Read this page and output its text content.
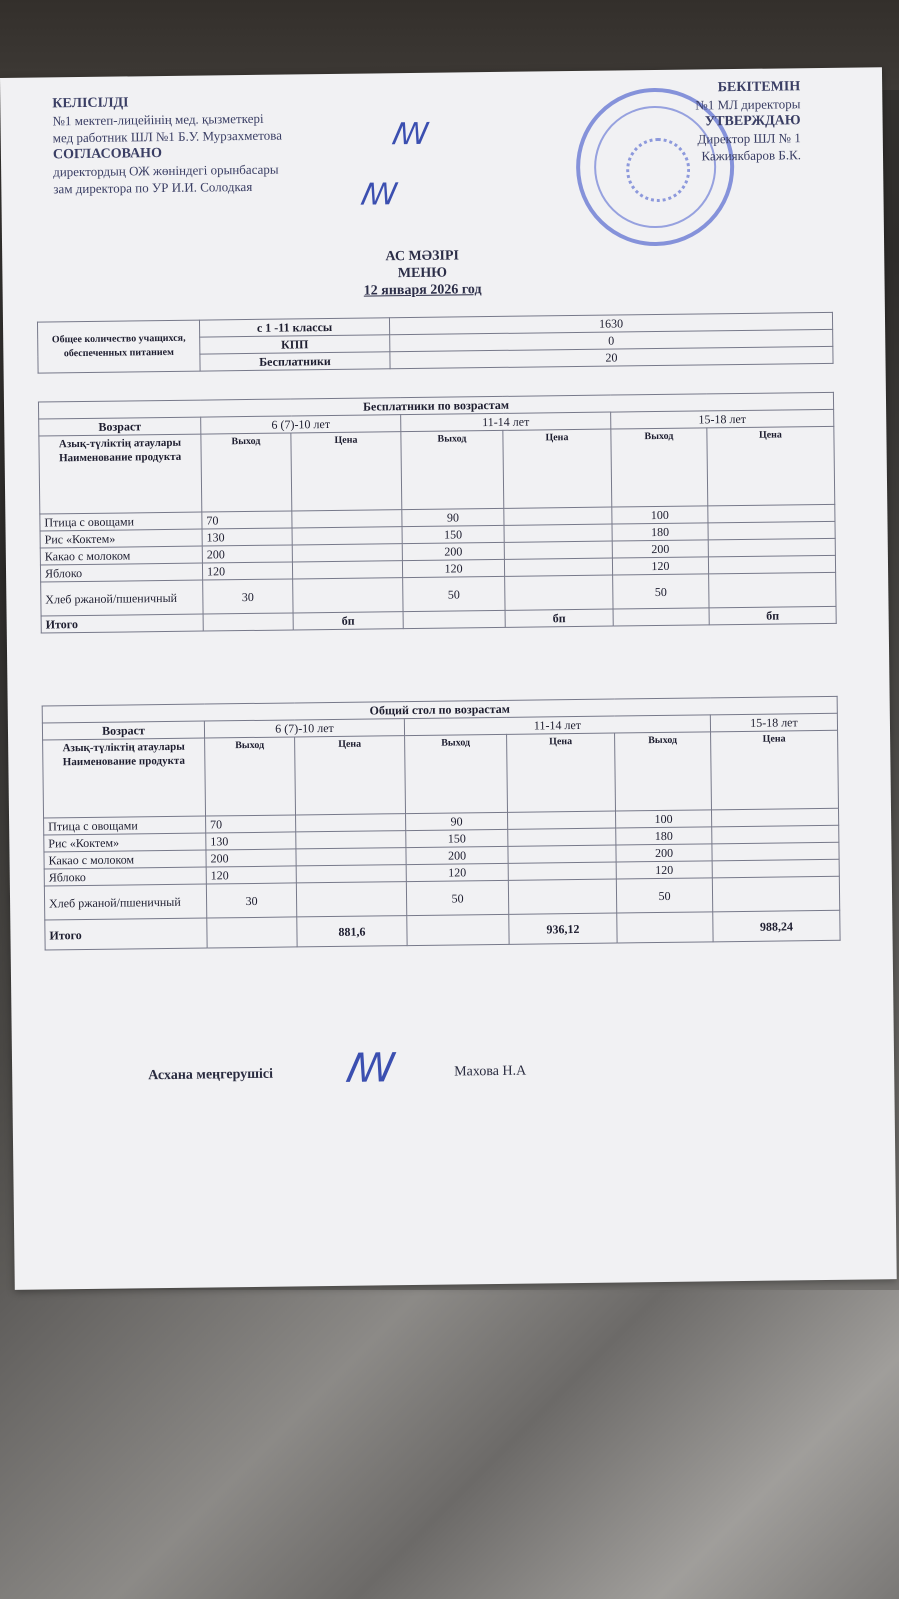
КЕЛІСІЛДІ
№1 мектеп-лицейінің мед. қызметкері
мед работник ШЛ №1 Б.У. Мурзахметова
СОГЛАСОВАНО
директордың ОЖ жөніндегі орынбасары
зам директора по УР И.И. Солодкая
ꟿ
ꟿ
БЕКІТЕМІН
№1 МЛ директоры
УТВЕРЖДАЮ
Директор ШЛ № 1
Кажиякбаров Б.К.
АС МӘЗІРІ
МЕНЮ
12 января 2026 год
Общее количество учащихся, обеспеченных питанием	с 1 -11 классы	1630
	КПП	0
	Бесплатники	20
Бесплатники по возрастам						
Возраст	6 (7)-10 лет		11-14 лет		15-18 лет	
Азық-түліктің атаулары Наименование продукта	Выход	Цена	Выход	Цена	Выход	Цена
Птица с овощами	70		90		100	
Рис «Коктем»	130		150		180	
Какао с молоком	200		200		200	
Яблоко	120		120		120	
Хлеб ржаной/пшеничный	30		50		50	
Итого		бп		бп		бп
Общий стол по возрастам						
Возраст	6 (7)-10 лет		11-14 лет			15-18 лет
Азық-түліктің атаулары Наименование продукта	Выход	Цена	Выход	Цена	Выход	Цена
Птица с овощами	70		90		100	
Рис «Коктем»	130		150		180	
Какао с молоком	200		200		200	
Яблоко	120		120		120	
Хлеб ржаной/пшеничный	30		50		50	
Итого		881,6		936,12		988,24
Асхана меңгерушісі ꟿ	Махова Н.А
